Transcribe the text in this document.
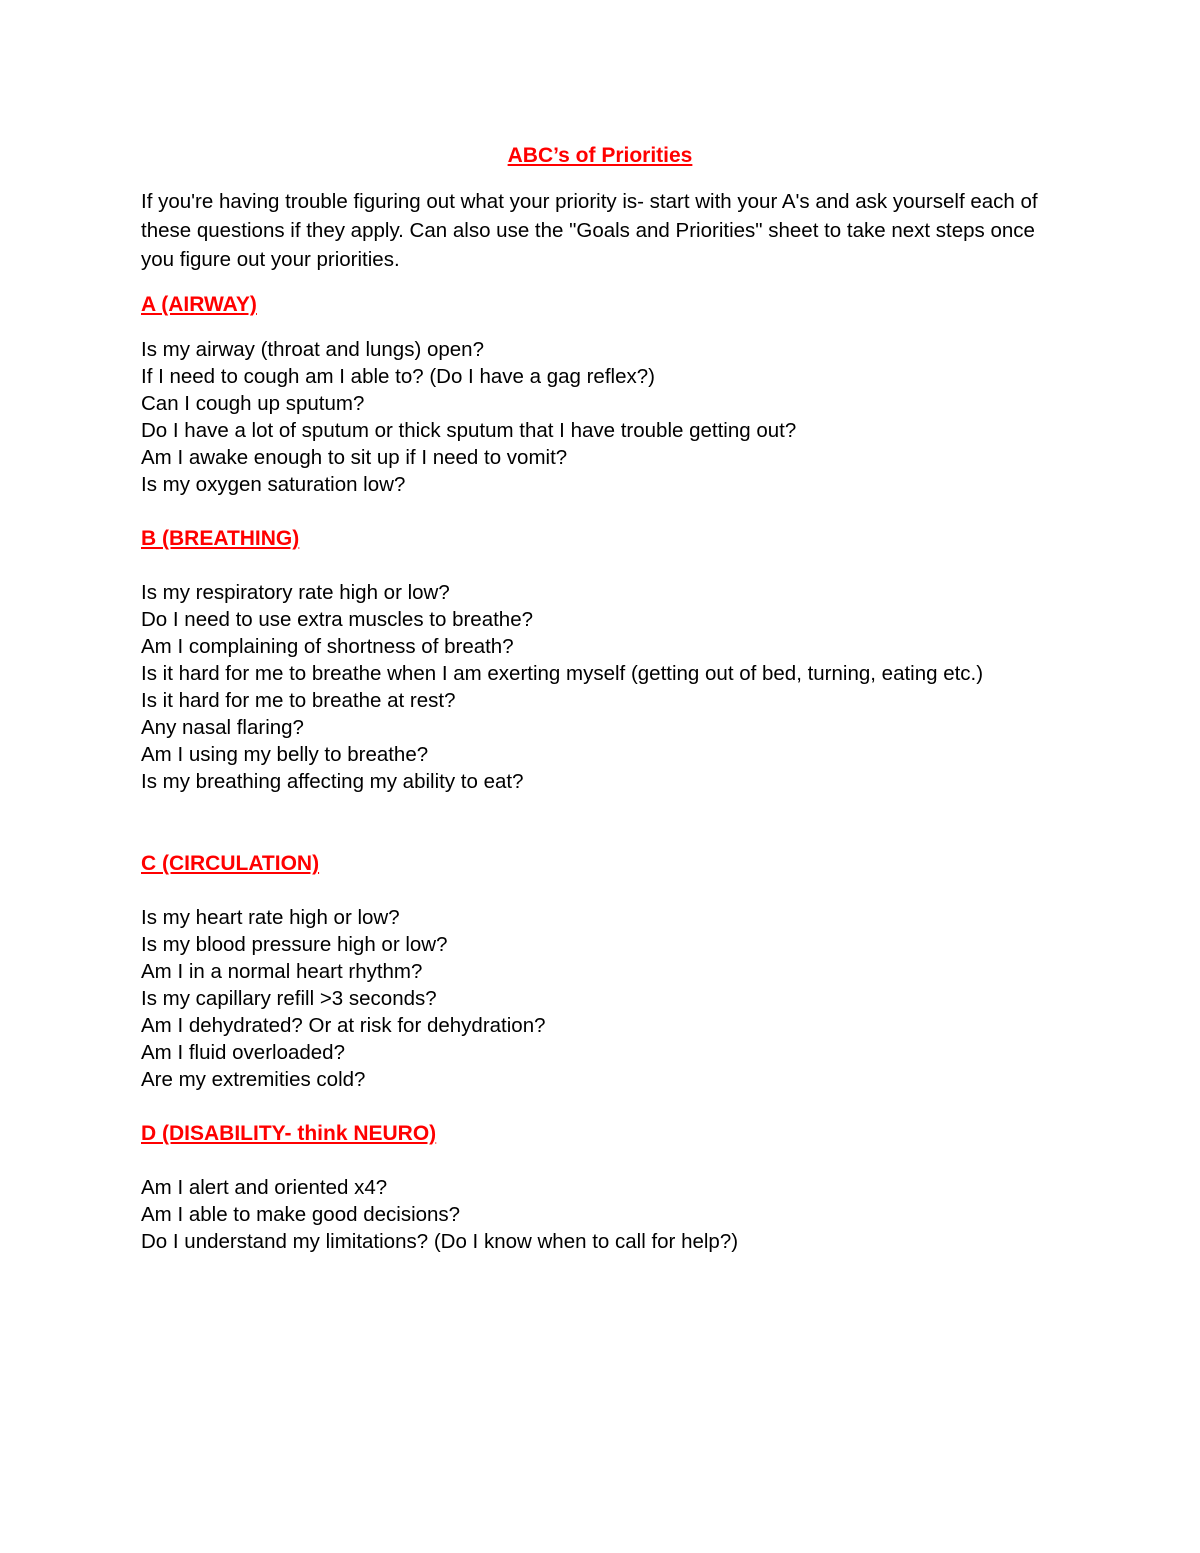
ABC’s of Priorities
If you're having trouble figuring out what your priority is- start with your A's and ask yourself each of these questions if they apply. Can also use the "Goals and Priorities" sheet to take next steps once you figure out your priorities.
A (AIRWAY)

Is my airway (throat and lungs) open?

If I need to cough am I able to? (Do I have a gag reflex?)

Can I cough up sputum?

Do I have a lot of sputum or thick sputum that I have trouble getting out?

Am I awake enough to sit up if I need to vomit?

Is my oxygen saturation low?

B (BREATHING)

Is my respiratory rate high or low?

Do I need to use extra muscles to breathe?

Am I complaining of shortness of breath?

Is it hard for me to breathe when I am exerting myself (getting out of bed, turning, eating etc.)

Is it hard for me to breathe at rest?

Any nasal flaring?

Am I using my belly to breathe?

Is my breathing affecting my ability to eat?

C (CIRCULATION)

Is my heart rate high or low?

Is my blood pressure high or low?

Am I in a normal heart rhythm?

Is my capillary refill >3 seconds?

Am I dehydrated? Or at risk for dehydration?

Am I fluid overloaded?

Are my extremities cold?

D (DISABILITY- think NEURO)

Am I alert and oriented x4?

Am I able to make good decisions?

Do I understand my limitations? (Do I know when to call for help?)
